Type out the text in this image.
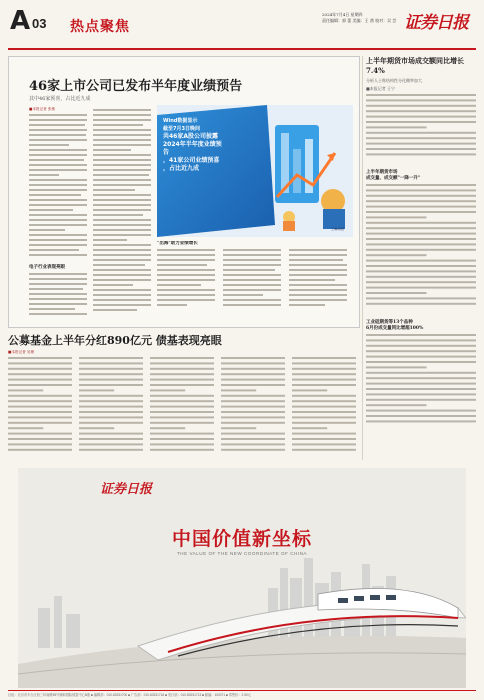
A 03 热点聚焦
2024年7月4日 星期四
责任编辑：郭 蕾 美编：王 茜 校对：吴 芸 证券日报
46家上市公司已发布半年度业绩预告
其中46家预喜，占比近九成
Wind数据显示
截至7月3日晚间
共46家A股公司披露
2024年半年度业绩预告
，41家公司业绩预喜
，占比近九成
王琳/制图
■本报记者 张敏
电子行业表现亮眼
"出海"助力业绩增长
公募基金上半年分红890亿元 债基表现亮眼
■本报记者 吴珊
上半年期货市场成交额同比增长7.4%
分析人士称结构性分化概率加大
■本报记者 王宁
上半年期货市场
成交量、成交额"一降一升"
工业硅期货等13个品种
6月份成交量同比增超100%
证券日报
中国价值新坐标
THE VALUE OF THE NEW COORDINATE OF CHINA
社址：北京市丰台区西三环南路55号顺和国际财富中心B座 ■ 编辑部：010-83251700 ■ 广告部：010-83251716 ■ 发行部：010-83251713 ■ 邮编：100071 ■ 零售价：2.50元
